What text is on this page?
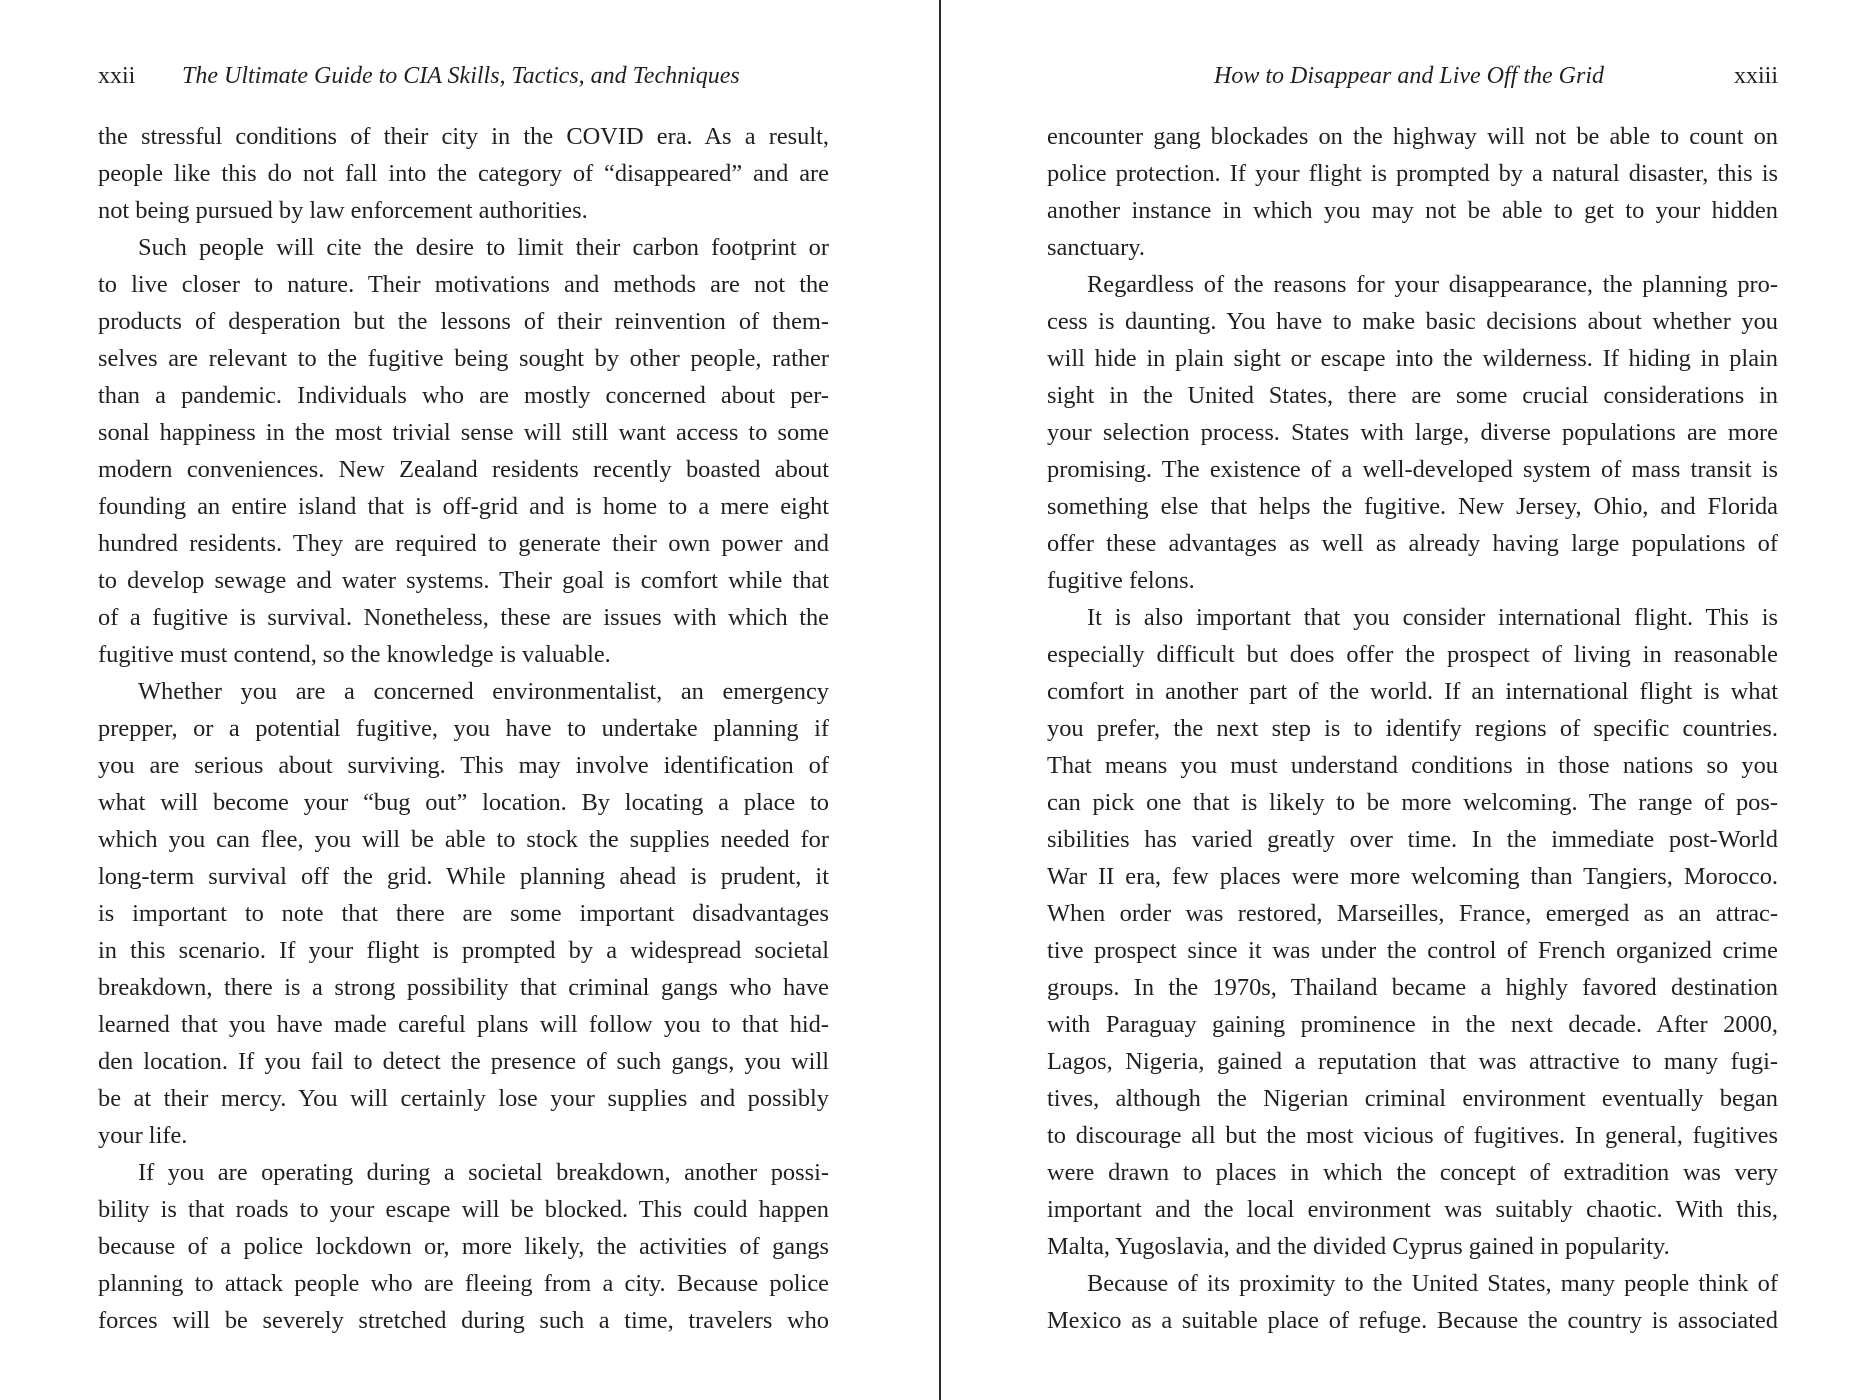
xxii The Ultimate Guide to CIA Skills, Tactics, and Techniques
the stressful conditions of their city in the COVID era. As a result,
people like this do not fall into the category of “disappeared” and are
not being pursued by law enforcement authorities.
Such people will cite the desire to limit their carbon footprint or
to live closer to nature. Their motivations and methods are not the
products of desperation but the lessons of their reinvention of them-
selves are relevant to the fugitive being sought by other people, rather
than a pandemic. Individuals who are mostly concerned about per-
sonal happiness in the most trivial sense will still want access to some
modern conveniences. New Zealand residents recently boasted about
founding an entire island that is off-grid and is home to a mere eight
hundred residents. They are required to generate their own power and
to develop sewage and water systems. Their goal is comfort while that
of a fugitive is survival. Nonetheless, these are issues with which the
fugitive must contend, so the knowledge is valuable.
Whether you are a concerned environmentalist, an emergency
prepper, or a potential fugitive, you have to undertake planning if
you are serious about surviving. This may involve identification of
what will become your “bug out” location. By locating a place to
which you can flee, you will be able to stock the supplies needed for
long-term survival off the grid. While planning ahead is prudent, it
is important to note that there are some important disadvantages
in this scenario. If your flight is prompted by a widespread societal
breakdown, there is a strong possibility that criminal gangs who have
learned that you have made careful plans will follow you to that hid-
den location. If you fail to detect the presence of such gangs, you will
be at their mercy. You will certainly lose your supplies and possibly
your life.
If you are operating during a societal breakdown, another possi-
bility is that roads to your escape will be blocked. This could happen
because of a police lockdown or, more likely, the activities of gangs
planning to attack people who are fleeing from a city. Because police
forces will be severely stretched during such a time, travelers who
How to Disappear and Live Off the Grid	xxiii
encounter gang blockades on the highway will not be able to count on
police protection. If your flight is prompted by a natural disaster, this is
another instance in which you may not be able to get to your hidden
sanctuary.
Regardless of the reasons for your disappearance, the planning pro-
cess is daunting. You have to make basic decisions about whether you
will hide in plain sight or escape into the wilderness. If hiding in plain
sight in the United States, there are some crucial considerations in
your selection process. States with large, diverse populations are more
promising. The existence of a well-developed system of mass transit is
something else that helps the fugitive. New Jersey, Ohio, and Florida
offer these advantages as well as already having large populations of
fugitive felons.
It is also important that you consider international flight. This is
especially difficult but does offer the prospect of living in reasonable
comfort in another part of the world. If an international flight is what
you prefer, the next step is to identify regions of specific countries.
That means you must understand conditions in those nations so you
can pick one that is likely to be more welcoming. The range of pos-
sibilities has varied greatly over time. In the immediate post-World
War II era, few places were more welcoming than Tangiers, Morocco.
When order was restored, Marseilles, France, emerged as an attrac-
tive prospect since it was under the control of French organized crime
groups. In the 1970s, Thailand became a highly favored destination
with Paraguay gaining prominence in the next decade. After 2000,
Lagos, Nigeria, gained a reputation that was attractive to many fugi-
tives, although the Nigerian criminal environment eventually began
to discourage all but the most vicious of fugitives. In general, fugitives
were drawn to places in which the concept of extradition was very
important and the local environment was suitably chaotic. With this,
Malta, Yugoslavia, and the divided Cyprus gained in popularity.
Because of its proximity to the United States, many people think of
Mexico as a suitable place of refuge. Because the country is associated
